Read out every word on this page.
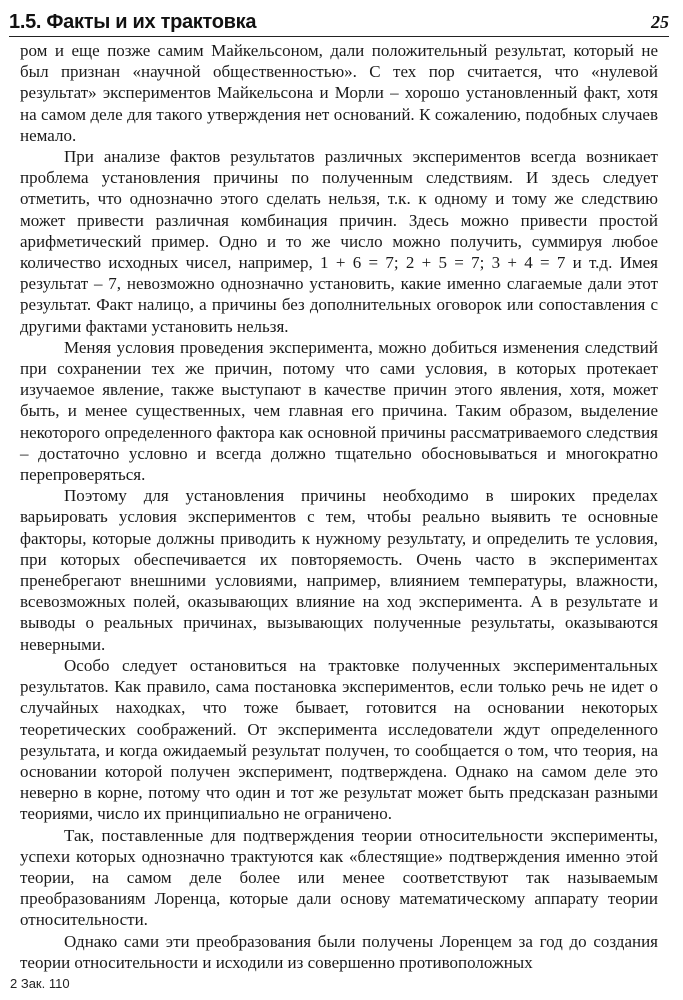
1.5. Факты и их трактовка	25

ром и еще позже самим Майкельсоном, дали положительный результат, который не был признан «научной общественностью». С тех пор считается, что «нулевой результат» экспериментов Майкельсона и Морли – хорошо установленный факт, хотя на самом деле для такого утверждения нет оснований. К сожалению, подобных случаев немало.

При анализе фактов результатов различных экспериментов всегда возникает проблема установления причины по полученным следствиям. И здесь следует отметить, что однозначно этого сделать нельзя, т.к. к одному и тому же следствию может привести различная комбинация причин. Здесь можно привести простой арифметический пример. Одно и то же число можно получить, суммируя любое количество исходных чисел, например, 1 + 6 = 7; 2 + 5 = 7; 3 + 4 = 7 и т.д. Имея результат – 7, невозможно однозначно установить, какие именно слагаемые дали этот результат. Факт налицо, а причины без дополнительных оговорок или сопоставления с другими фактами установить нельзя.

Меняя условия проведения эксперимента, можно добиться изменения следствий при сохранении тех же причин, потому что сами условия, в которых протекает изучаемое явление, также выступают в качестве причин этого явления, хотя, может быть, и менее существенных, чем главная его причина. Таким образом, выделение некоторого определенного фактора как основной причины рассматриваемого следствия – достаточно условно и всегда должно тщательно обосновываться и многократно перепроверяться.

Поэтому для установления причины необходимо в широких пределах варьировать условия экспериментов с тем, чтобы реально выявить те основные факторы, которые должны приводить к нужному результату, и определить те условия, при которых обеспечивается их повторяемость. Очень часто в экспериментах пренебрегают внешними условиями, например, влиянием температуры, влажности, всевозможных полей, оказывающих влияние на ход эксперимента. А в результате и выводы о реальных причинах, вызывающих полученные результаты, оказываются неверными.

Особо следует остановиться на трактовке полученных экспериментальных результатов. Как правило, сама постановка экспериментов, если только речь не идет о случайных находках, что тоже бывает, готовится на основании некоторых теоретических соображений. От эксперимента исследователи ждут определенного результата, и когда ожидаемый результат получен, то сообщается о том, что теория, на основании которой получен эксперимент, подтверждена. Однако на самом деле это неверно в корне, потому что один и тот же результат может быть предсказан разными теориями, число их принципиально не ограничено.

Так, поставленные для подтверждения теории относительности эксперименты, успехи которых однозначно трактуются как «блестящие» подтверждения именно этой теории, на самом деле более или менее соответствуют так называемым преобразованиям Лоренца, которые дали основу математическому аппарату теории относительности.

Однако сами эти преобразования были получены Лоренцем за год до создания теории относительности и исходили из совершенно противоположных

2 Зак. 110
